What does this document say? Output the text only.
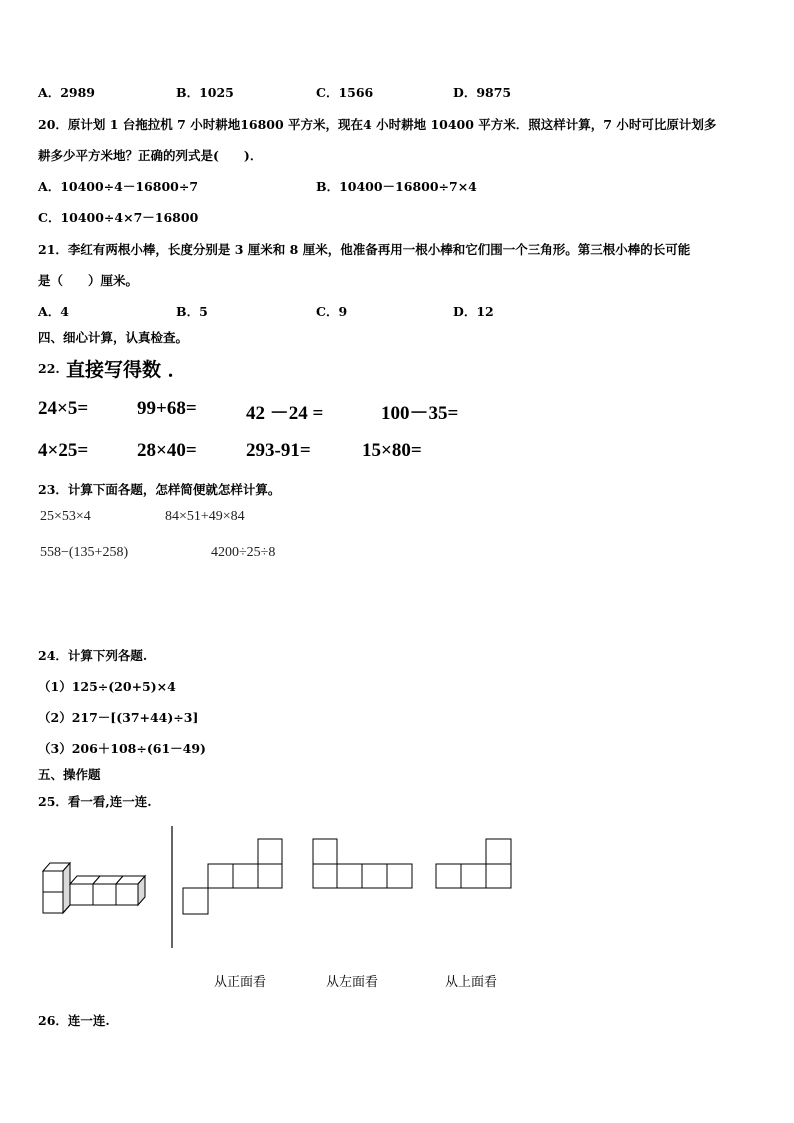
A．2989	B．1025	C．1566	D．9875
20．原计划 1 台拖拉机 7 小时耕地16800 平方米，现在4 小时耕地 10400 平方米．照这样计算，7 小时可比原计划多
耕多少平方米地？正确的列式是(　　)．
A．10400÷4－16800÷7	B．10400－16800÷7×4
C．10400÷4×7－16800
21．李红有两根小棒，长度分别是 3 厘米和 8 厘米，他准备再用一根小棒和它们围一个三角形。第三根小棒的长可能
是（　　）厘米。
A．4	B．5	C．9	D．12
四、细心计算，认真检查。
22. 直接写得数 ．
24×5=	99+68=	42 －24 =	100－35=
4×25=	28×40=	293-91=	15×80=
23．计算下面各题，怎样简便就怎样计算。
25×53×4	84×51+49×84
558−(135+258)	4200÷25÷8
24．计算下列各题.
（1）125÷(20+5)×4
（2）217－[(37+44)÷3]
（3）206＋108÷(61－49)
五、操作题
25．看一看,连一连.
从正面看	从左面看	从上面看
26．连一连.
